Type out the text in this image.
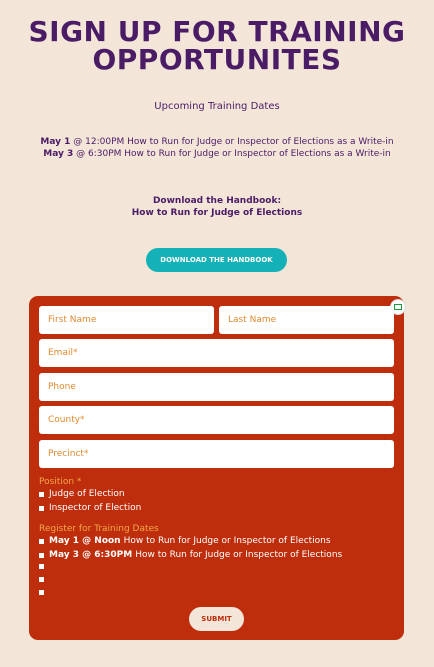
SIGN UP FOR TRAINING OPPORTUNITES
Upcoming Training Dates
May 1 @ 12:00PM How to Run for Judge or Inspector of Elections as a Write-in
May 3 @ 6:30PM How to Run for Judge or Inspector of Elections as a Write-in
Download the Handbook:
How to Run for Judge of Elections
DOWNLOAD THE HANDBOOK
First Name	Last Name
Email*
Phone
County*
Precinct*
Position *
Judge of Election
Inspector of Election
Register for Training Dates
May 1 @ Noon How to Run for Judge or Inspector of Elections
May 3 @ 6:30PM How to Run for Judge or Inspector of Elections
SUBMIT
